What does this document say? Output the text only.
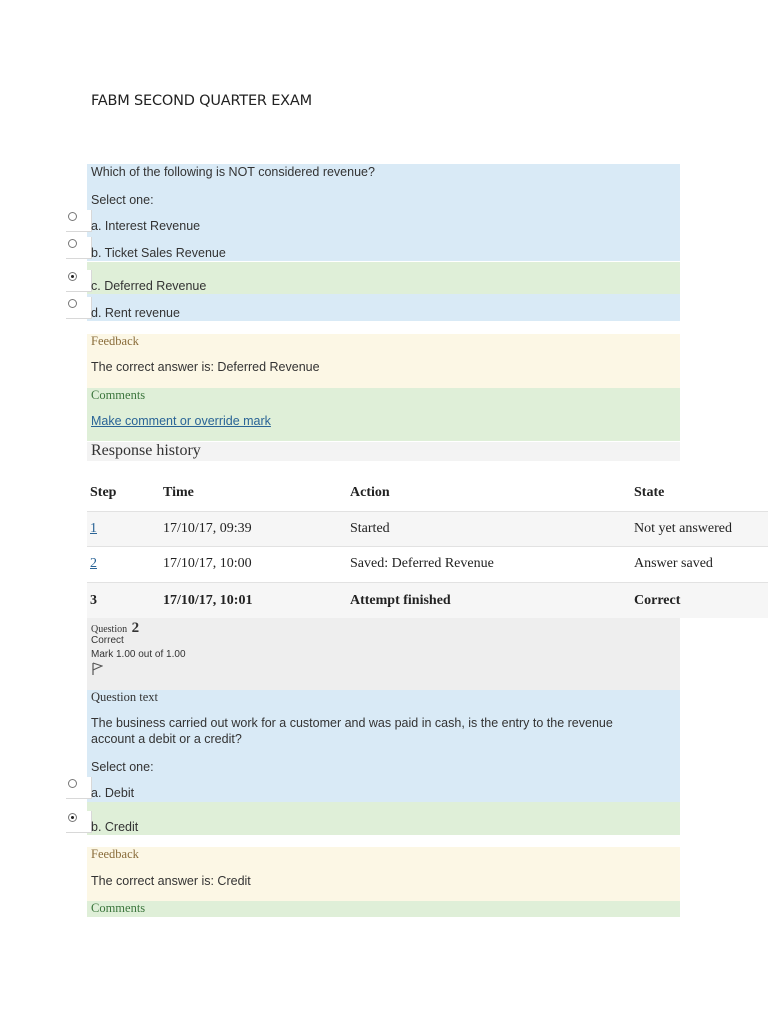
FABM SECOND QUARTER EXAM
Which of the following is NOT considered revenue?
Select one:
a. Interest Revenue
b. Ticket Sales Revenue
c. Deferred Revenue
d. Rent revenue
Feedback
The correct answer is: Deferred Revenue
Comments
Make comment or override mark
Response history
Step	Time	Action	State
1	17/10/17, 09:39	Started	Not yet answered
2	17/10/17, 10:00	Saved: Deferred Revenue	Answer saved
3	17/10/17, 10:01	Attempt finished	Correct
Question 2
Correct
Mark 1.00 out of 1.00
Question text
The business carried out work for a customer and was paid in cash, is the entry to the revenue
account a debit or a credit?
Select one:
a. Debit
b. Credit
Feedback
The correct answer is: Credit
Comments
